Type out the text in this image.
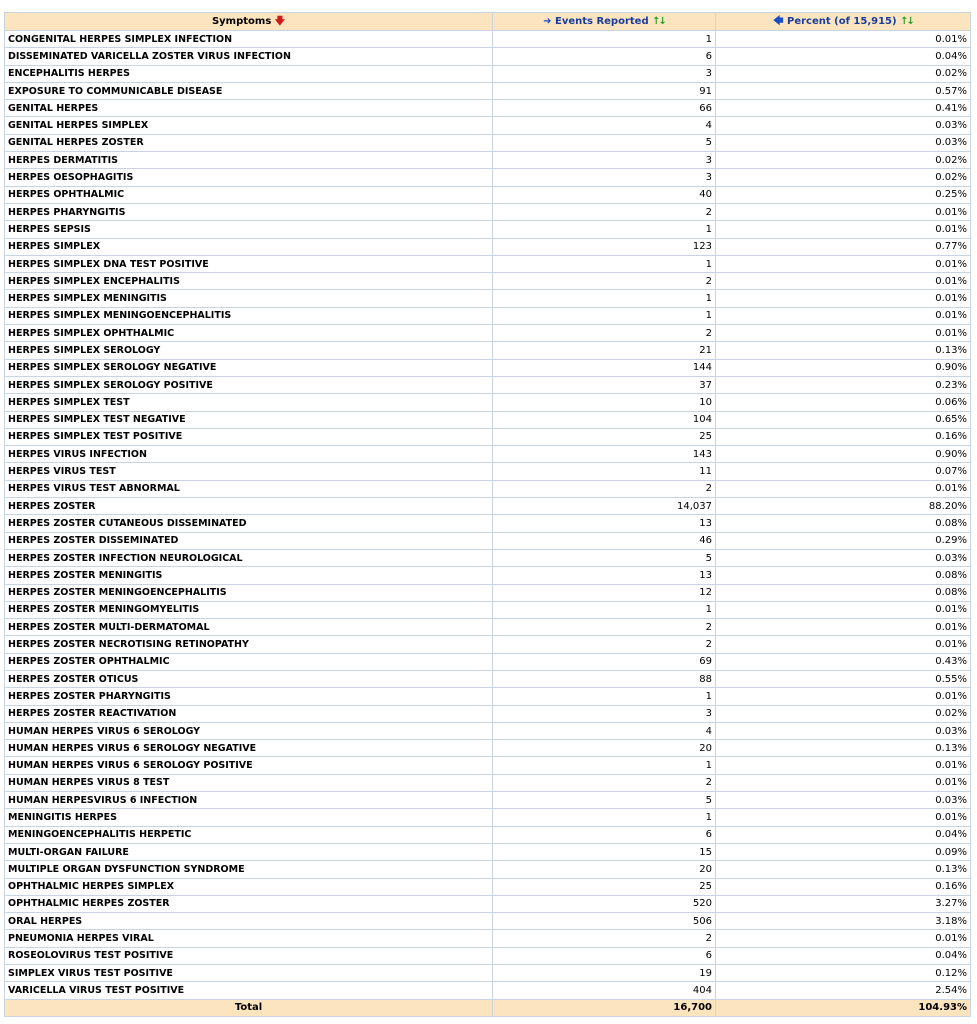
Symptoms 🡇	➜ Events Reported ↑↓	🡄 Percent (of 15,915) ↑↓
CONGENITAL HERPES SIMPLEX INFECTION	1	0.01%
DISSEMINATED VARICELLA ZOSTER VIRUS INFECTION	6	0.04%
ENCEPHALITIS HERPES	3	0.02%
EXPOSURE TO COMMUNICABLE DISEASE	91	0.57%
GENITAL HERPES	66	0.41%
GENITAL HERPES SIMPLEX	4	0.03%
GENITAL HERPES ZOSTER	5	0.03%
HERPES DERMATITIS	3	0.02%
HERPES OESOPHAGITIS	3	0.02%
HERPES OPHTHALMIC	40	0.25%
HERPES PHARYNGITIS	2	0.01%
HERPES SEPSIS	1	0.01%
HERPES SIMPLEX	123	0.77%
HERPES SIMPLEX DNA TEST POSITIVE	1	0.01%
HERPES SIMPLEX ENCEPHALITIS	2	0.01%
HERPES SIMPLEX MENINGITIS	1	0.01%
HERPES SIMPLEX MENINGOENCEPHALITIS	1	0.01%
HERPES SIMPLEX OPHTHALMIC	2	0.01%
HERPES SIMPLEX SEROLOGY	21	0.13%
HERPES SIMPLEX SEROLOGY NEGATIVE	144	0.90%
HERPES SIMPLEX SEROLOGY POSITIVE	37	0.23%
HERPES SIMPLEX TEST	10	0.06%
HERPES SIMPLEX TEST NEGATIVE	104	0.65%
HERPES SIMPLEX TEST POSITIVE	25	0.16%
HERPES VIRUS INFECTION	143	0.90%
HERPES VIRUS TEST	11	0.07%
HERPES VIRUS TEST ABNORMAL	2	0.01%
HERPES ZOSTER	14,037	88.20%
HERPES ZOSTER CUTANEOUS DISSEMINATED	13	0.08%
HERPES ZOSTER DISSEMINATED	46	0.29%
HERPES ZOSTER INFECTION NEUROLOGICAL	5	0.03%
HERPES ZOSTER MENINGITIS	13	0.08%
HERPES ZOSTER MENINGOENCEPHALITIS	12	0.08%
HERPES ZOSTER MENINGOMYELITIS	1	0.01%
HERPES ZOSTER MULTI-DERMATOMAL	2	0.01%
HERPES ZOSTER NECROTISING RETINOPATHY	2	0.01%
HERPES ZOSTER OPHTHALMIC	69	0.43%
HERPES ZOSTER OTICUS	88	0.55%
HERPES ZOSTER PHARYNGITIS	1	0.01%
HERPES ZOSTER REACTIVATION	3	0.02%
HUMAN HERPES VIRUS 6 SEROLOGY	4	0.03%
HUMAN HERPES VIRUS 6 SEROLOGY NEGATIVE	20	0.13%
HUMAN HERPES VIRUS 6 SEROLOGY POSITIVE	1	0.01%
HUMAN HERPES VIRUS 8 TEST	2	0.01%
HUMAN HERPESVIRUS 6 INFECTION	5	0.03%
MENINGITIS HERPES	1	0.01%
MENINGOENCEPHALITIS HERPETIC	6	0.04%
MULTI-ORGAN FAILURE	15	0.09%
MULTIPLE ORGAN DYSFUNCTION SYNDROME	20	0.13%
OPHTHALMIC HERPES SIMPLEX	25	0.16%
OPHTHALMIC HERPES ZOSTER	520	3.27%
ORAL HERPES	506	3.18%
PNEUMONIA HERPES VIRAL	2	0.01%
ROSEOLOVIRUS TEST POSITIVE	6	0.04%
SIMPLEX VIRUS TEST POSITIVE	19	0.12%
VARICELLA VIRUS TEST POSITIVE	404	2.54%
Total	16,700	104.93%
